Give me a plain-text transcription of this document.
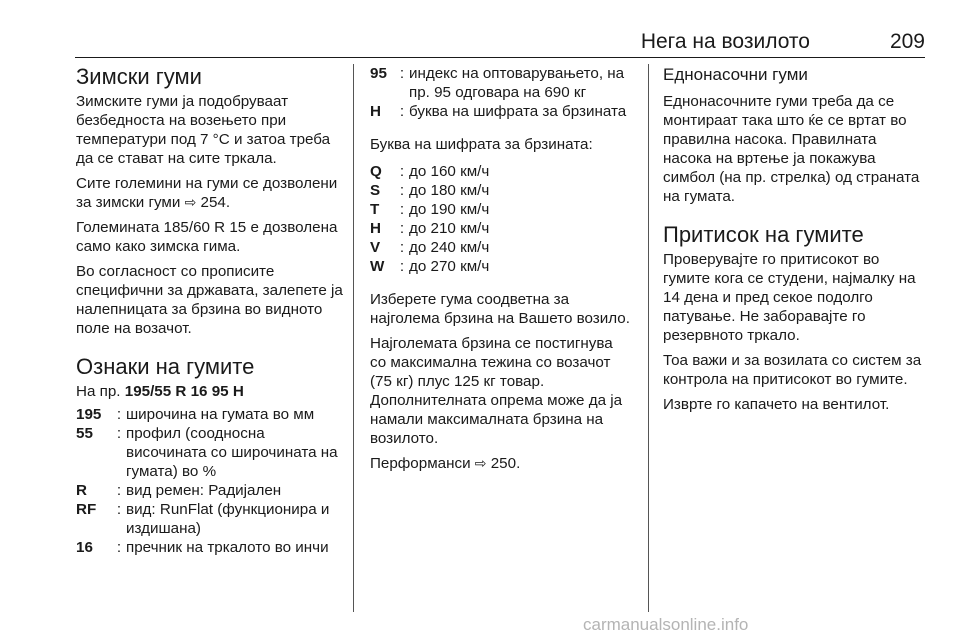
Нега на возилото	209
Зимски гуми

Зимските гуми ја подобруваат безбедноста на возењето при температури под 7 °C и затоа треба да се стават на сите тркала.

Сите големини на гуми се дозволени за зимски гуми ⇨ 254.

Големината 185/60 R 15 е дозволена само како зимска гима.

Во согласност со прописите специфични за државата, залепете ја налепницата за брзина во видното поле на возачот.

Ознаки на гумите

На пр. 195/55 R 16 95 H

195	: широчина на гумата во мм
55	: профил (соодносна височината со широчината на гумата) во %
R	: вид ремен: Радијален
RF	: вид: RunFlat (функционира и издишана)
16	: пречник на тркалото во инчи
95 : индекс на оптоварувањето, на пр. 95 одговара на 690 кг
H	: буква на шифрата за брзината

Буква на шифрата за брзината:

Q	: до 160 км/ч
S	: до 180 км/ч
T	: до 190 км/ч
H	: до 210 км/ч
V	: до 240 км/ч
W	: до 270 км/ч

Изберете гума соодветна за најголема брзина на Вашето возило.

Најголемата брзина се постигнува со максимална тежина со возачот (75 кг) плус 125 кг товар. Дополнителната опрема може да ја намали максималната брзина на возилото.

Перформанси ⇨ 250.

Еднонасочни гуми

Еднонасочните гуми треба да се монтираат така што ќе се вртат во правилна насока. Правилната насока на вртење ја покажува симбол (на пр. стрелка) од страната на гумата.

Притисок на гумите

Проверувајте го притисокот во гумите кога се студени, најмалку на 14 дена и пред секое подолго патување. Не заборавајте го резервното тркало.

Тоа важи и за возилата со систем за контрола на притисокот во гумите.

Изврте го капачето на вентилот.

carmanualsonline.info
